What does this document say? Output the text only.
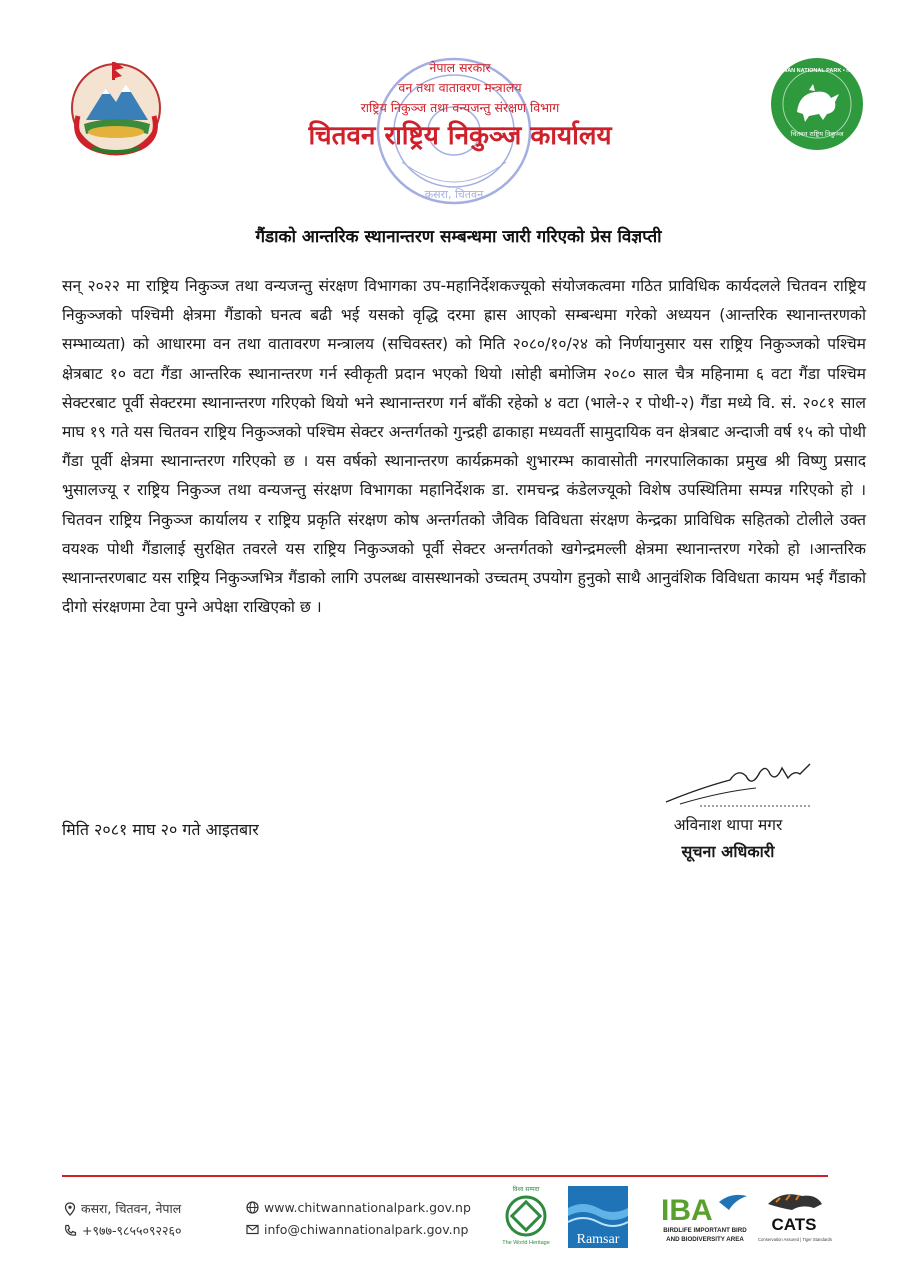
चितवन राष्ट्रिय निकुञ्ज
CHITWAN NATIONAL PARK • NEPAL
कसरा, चितवन
नेपाल सरकार
वन तथा वातावरण मन्त्रालय
राष्ट्रिय निकुञ्ज तथा वन्यजन्तु संरक्षण विभाग
चितवन राष्ट्रिय निकुञ्ज कार्यालय
गैंडाको आन्तरिक स्थानान्तरण सम्बन्धमा जारी गरिएको प्रेस विज्ञप्ती
सन् २०२२ मा राष्ट्रिय निकुञ्ज तथा वन्यजन्तु संरक्षण विभागका उप-महानिर्देशकज्यूको संयोजकत्वमा गठित प्राविधिक कार्यदलले चितवन राष्ट्रिय निकुञ्जको पश्चिमी क्षेत्रमा गैंडाको घनत्व बढी भई यसको वृद्धि दरमा ह्रास आएको सम्बन्धमा गरेको अध्ययन (आन्तरिक स्थानान्तरणको सम्भाव्यता) को आधारमा वन तथा वातावरण मन्त्रालय (सचिवस्तर) को मिति २०८०/१०/२४ को निर्णयानुसार यस राष्ट्रिय निकुञ्जको पश्चिम क्षेत्रबाट १० वटा गैंडा आन्तरिक स्थानान्तरण गर्न स्वीकृती प्रदान भएको थियो ।सोही बमोजिम २०८० साल चैत्र महिनामा ६ वटा गैंडा पश्चिम सेक्टरबाट पूर्वी सेक्टरमा स्थानान्तरण गरिएको थियो भने स्थानान्तरण गर्न बाँकी रहेको ४ वटा (भाले-२ र पोथी-२) गैंडा मध्ये वि. सं. २०८१ साल माघ १९ गते यस चितवन राष्ट्रिय निकुञ्जको पश्चिम सेक्टर अन्तर्गतको गुन्द्रही ढाकाहा मध्यवर्ती सामुदायिक वन क्षेत्रबाट अन्दाजी वर्ष १५ को पोथी गैंडा पूर्वी क्षेत्रमा स्थानान्तरण गरिएको छ । यस वर्षको स्थानान्तरण कार्यक्रमको शुभारम्भ कावासोती नगरपालिकाका प्रमुख श्री विष्णु प्रसाद भुसालज्यू र राष्ट्रिय निकुञ्ज तथा वन्यजन्तु संरक्षण विभागका महानिर्देशक डा. रामचन्द्र कंडेलज्यूको विशेष उपस्थितिमा सम्पन्न गरिएको हो । चितवन राष्ट्रिय निकुञ्ज कार्यालय र राष्ट्रिय प्रकृति संरक्षण कोष अन्तर्गतको जैविक विविधता संरक्षण केन्द्रका प्राविधिक सहितको टोलीले उक्त वयश्क पोथी गैंडालाई सुरक्षित तवरले यस राष्ट्रिय निकुञ्जको पूर्वी सेक्टर अन्तर्गतको खगेन्द्रमल्ली क्षेत्रमा स्थानान्तरण गरेको हो ।आन्तरिक स्थानान्तरणबाट यस राष्ट्रिय निकुञ्जभित्र गैंडाको लागि उपलब्ध वासस्थानको उच्चतम् उपयोग हुनुको साथै आनुवंशिक विविधता कायम भई गैंडाको दीगो संरक्षणमा टेवा पुग्ने अपेक्षा राखिएको छ ।
मिति २०८१ माघ २० गते आइतबार	अविनाश थापा मगर
सूचना अधिकारी
कसरा, चितवन, नेपाल
+९७७-९८५५०९२२६०
www.chitwannationalpark.gov.np
info@chiwannationalpark.gov.np
विश्व सम्पदा
The World Heritage Ramsar
IBA
BIRDLIFE IMPORTANT BIRD
AND BIODIVERSITY AREA
CATS
Conservation Assured | Tiger Standards
